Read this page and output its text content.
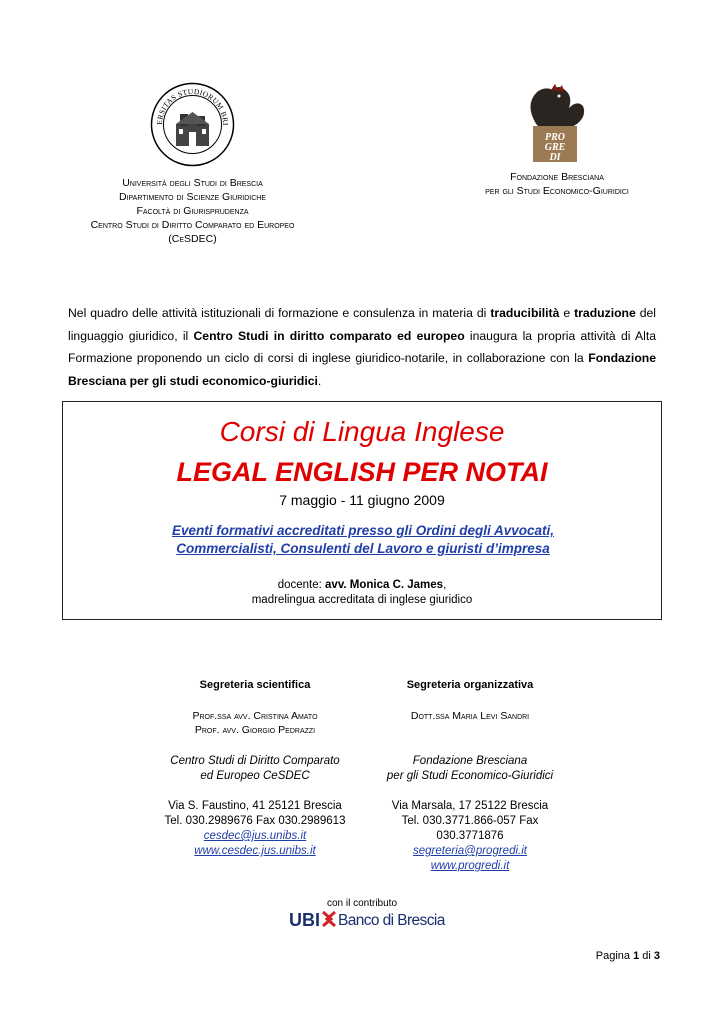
ERSITAS STUDIORUM BRI
Università degli Studi di Brescia
Dipartimento di Scienze Giuridiche
Facoltà di Giurisprudenza
Centro Studi di Diritto Comparato ed Europeo
(CeSDEC)
PRO
GRE
DI
Fondazione Bresciana
per gli Studi Economico-Giuridici
Nel quadro delle attività istituzionali di formazione e consulenza in materia di traducibilità e traduzione del linguaggio giuridico, il Centro Studi in diritto comparato ed europeo inaugura la propria attività di Alta Formazione proponendo un ciclo di corsi di inglese giuridico-notarile, in collaborazione con la Fondazione Bresciana per gli studi economico-giuridici.
Corsi di Lingua Inglese
LEGAL ENGLISH PER NOTAI
7 maggio - 11 giugno 2009
Eventi formativi accreditati presso gli Ordini degli Avvocati,
Commercialisti, Consulenti del Lavoro e giuristi d’impresa
docente: avv. Monica C. James,
madrelingua accreditata di inglese giuridico
Segreteria scientifica
Prof.ssa avv. Cristina Amato
Prof. avv. Giorgio Pedrazzi
Centro Studi di Diritto Comparato
ed Europeo CeSDEC
Via S. Faustino, 41 25121 Brescia
Tel. 030.2989676 Fax 030.2989613
cesdec@jus.unibs.it
www.cesdec.jus.unibs.it
Segreteria organizzativa
Dott.ssa Maria Levi Sandri
Fondazione Bresciana
per gli Studi Economico-Giuridici
Via Marsala, 17 25122 Brescia
Tel. 030.3771.866-057 Fax
030.3771876
segreteria@progredi.it
www.progredi.it
con il contributo
UBI Banco di Brescia
Pagina 1 di 3
